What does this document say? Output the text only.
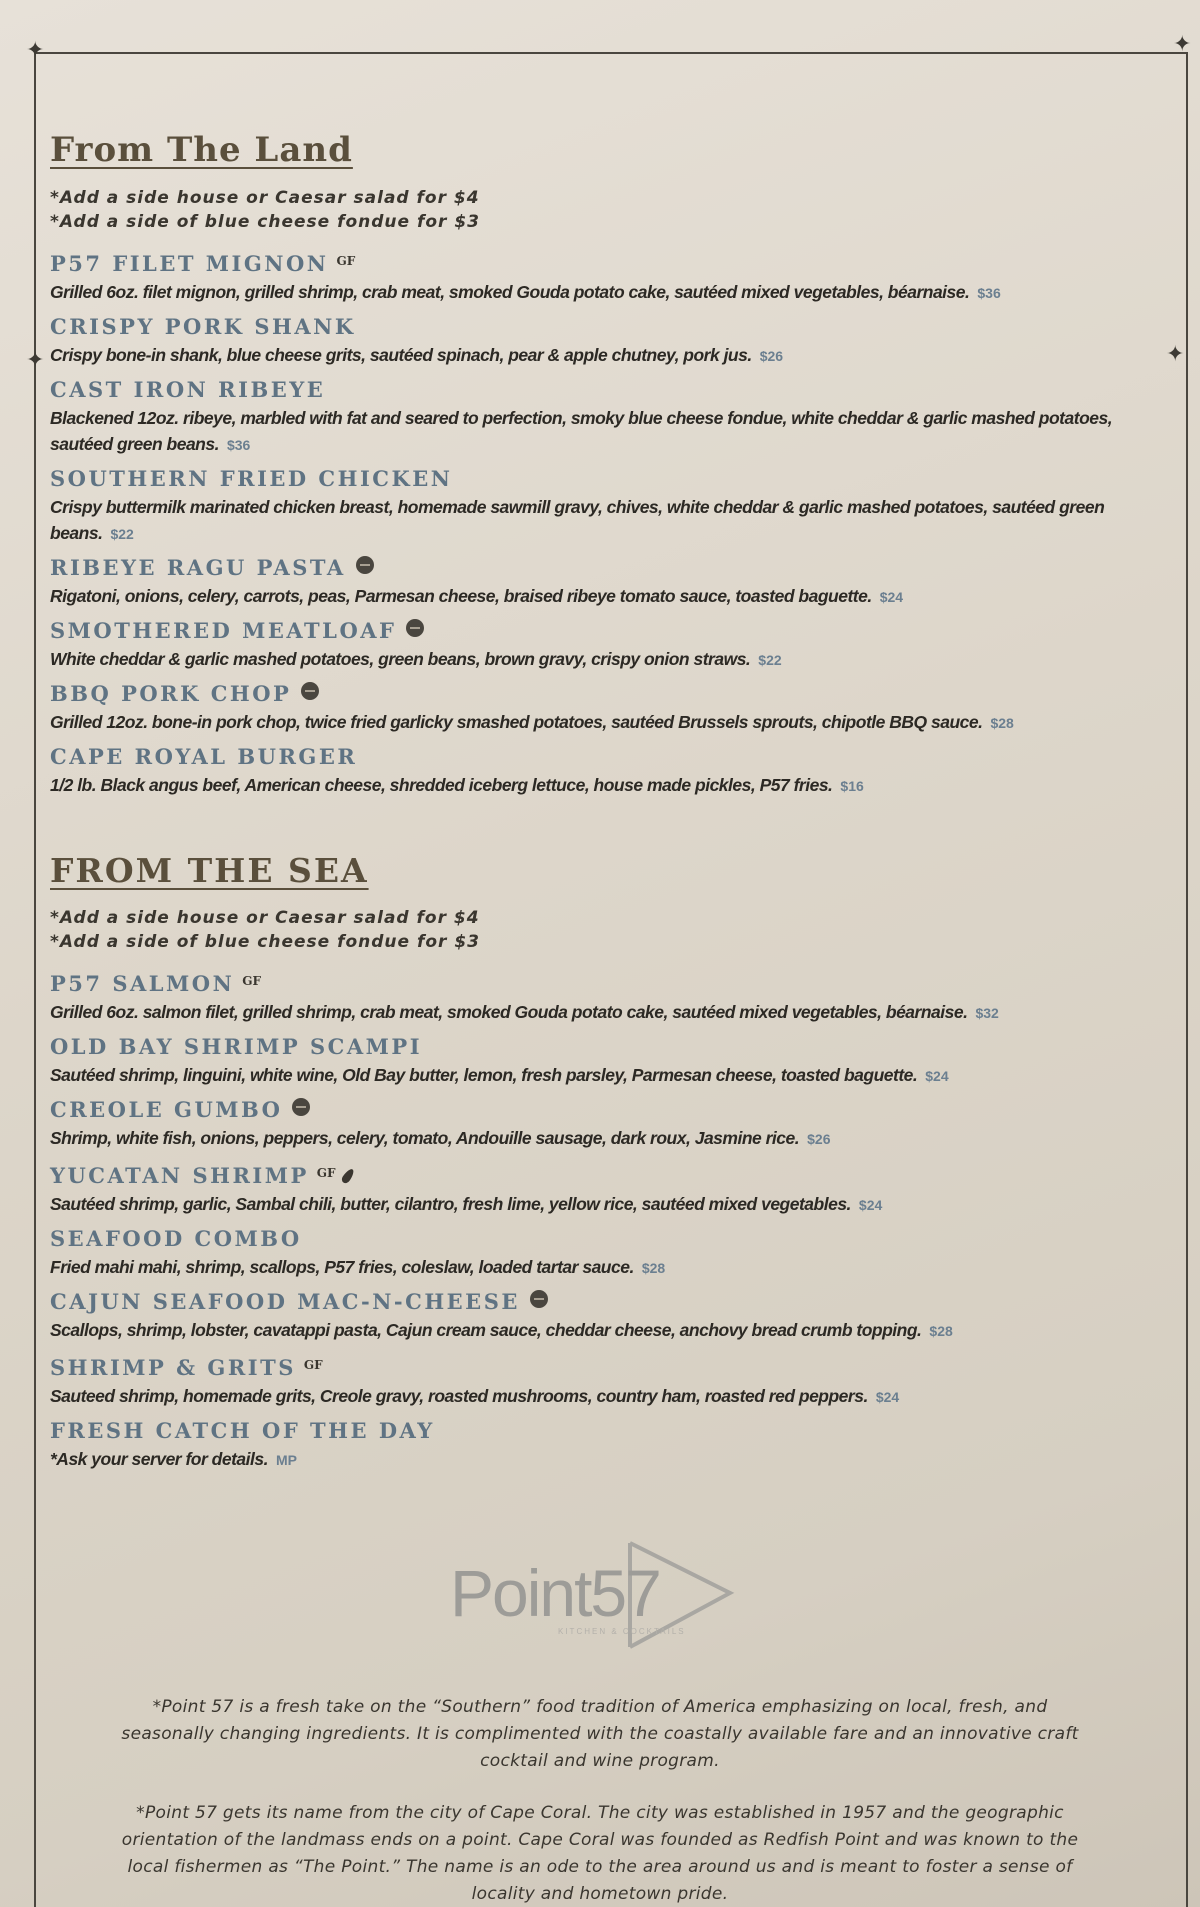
✦	✦
✦	✦
From The Land
*Add a side house or Caesar salad for $4
*Add a side of blue cheese fondue for $3
P57 FILET MIGNON $^{GF}$
Grilled 6oz. filet mignon, grilled shrimp, crab meat, smoked Gouda potato cake, sautéed mixed vegetables, béarnaise. $36
CRISPY PORK SHANK
Crispy bone-in shank, blue cheese grits, sautéed spinach, pear & apple chutney, pork jus. $26
CAST IRON RIBEYE
Blackened 12oz. ribeye, marbled with fat and seared to perfection, smoky blue cheese fondue, white cheddar & garlic mashed potatoes, sautéed green beans. $36
SOUTHERN FRIED CHICKEN
Crispy buttermilk marinated chicken breast, homemade sawmill gravy, chives, white cheddar & garlic mashed potatoes, sautéed green beans. $22
RIBEYE RAGU PASTA
Rigatoni, onions, celery, carrots, peas, Parmesan cheese, braised ribeye tomato sauce, toasted baguette. $24
SMOTHERED MEATLOAF
White cheddar & garlic mashed potatoes, green beans, brown gravy, crispy onion straws. $22
BBQ PORK CHOP
Grilled 12oz. bone-in pork chop, twice fried garlicky smashed potatoes, sautéed Brussels sprouts, chipotle BBQ sauce. $28
CAPE ROYAL BURGER
1/2 lb. Black angus beef, American cheese, shredded iceberg lettuce, house made pickles, P57 fries. $16
FROM THE SEA
*Add a side house or Caesar salad for $4
*Add a side of blue cheese fondue for $3
P57 SALMON $^{GF}$
Grilled 6oz. salmon filet, grilled shrimp, crab meat, smoked Gouda potato cake, sautéed mixed vegetables, béarnaise. $32
OLD BAY SHRIMP SCAMPI
Sautéed shrimp, linguini, white wine, Old Bay butter, lemon, fresh parsley, Parmesan cheese, toasted baguette. $24
CREOLE GUMBO
Shrimp, white fish, onions, peppers, celery, tomato, Andouille sausage, dark roux, Jasmine rice. $26
YUCATAN SHRIMP $^{GF}$
Sautéed shrimp, garlic, Sambal chili, butter, cilantro, fresh lime, yellow rice, sautéed mixed vegetables. $24
SEAFOOD COMBO
Fried mahi mahi, shrimp, scallops, P57 fries, coleslaw, loaded tartar sauce. $28
CAJUN SEAFOOD MAC-N-CHEESE
Scallops, shrimp, lobster, cavatappi pasta, Cajun cream sauce, cheddar cheese, anchovy bread crumb topping. $28
SHRIMP & GRITS $^{GF}$
Sauteed shrimp, homemade grits, Creole gravy, roasted mushrooms, country ham, roasted red peppers. $24
FRESH CATCH OF THE DAY
*Ask your server for details. MP
Point57
KITCHEN & COCKTAILS
*Point 57 is a fresh take on the “Southern” food tradition of America emphasizing on local, fresh, and seasonally changing ingredients. It is complimented with the coastally available fare and an innovative craft cocktail and wine program.
*Point 57 gets its name from the city of Cape Coral. The city was established in 1957 and the geographic orientation of the landmass ends on a point. Cape Coral was founded as Redfish Point and was known to the local fishermen as “The Point.” The name is an ode to the area around us and is meant to foster a sense of locality and hometown pride.
